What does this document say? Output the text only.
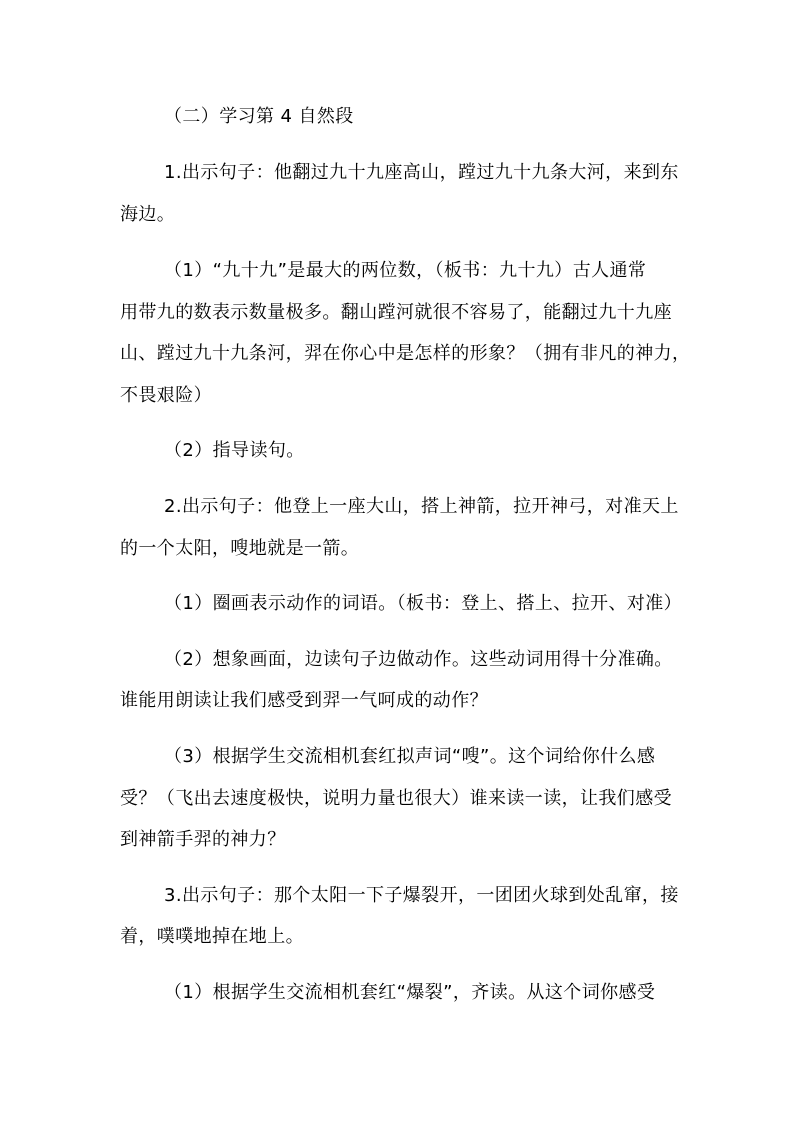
（二）学习第 4 自然段
1.出示句子：他翻过九十九座高山，蹚过九十九条大河，来到东
海边。
（1）“九十九”是最大的两位数，（板书：九十九）古人通常
用带九的数表示数量极多。翻山蹚河就很不容易了，能翻过九十九座
山、蹚过九十九条河，羿在你心中是怎样的形象？（拥有非凡的神力，
不畏艰险）
（2）指导读句。
2.出示句子：他登上一座大山，搭上神箭，拉开神弓，对准天上
的一个太阳，嗖地就是一箭。
（1）圈画表示动作的词语。（板书：登上、搭上、拉开、对准）
（2）想象画面，边读句子边做动作。这些动词用得十分准确。
谁能用朗读让我们感受到羿一气呵成的动作？
（3）根据学生交流相机套红拟声词“嗖”。这个词给你什么感
受？（飞出去速度极快，说明力量也很大）谁来读一读，让我们感受
到神箭手羿的神力？
3.出示句子：那个太阳一下子爆裂开，一团团火球到处乱窜，接
着，噗噗地掉在地上。
（1）根据学生交流相机套红“爆裂”，齐读。从这个词你感受
